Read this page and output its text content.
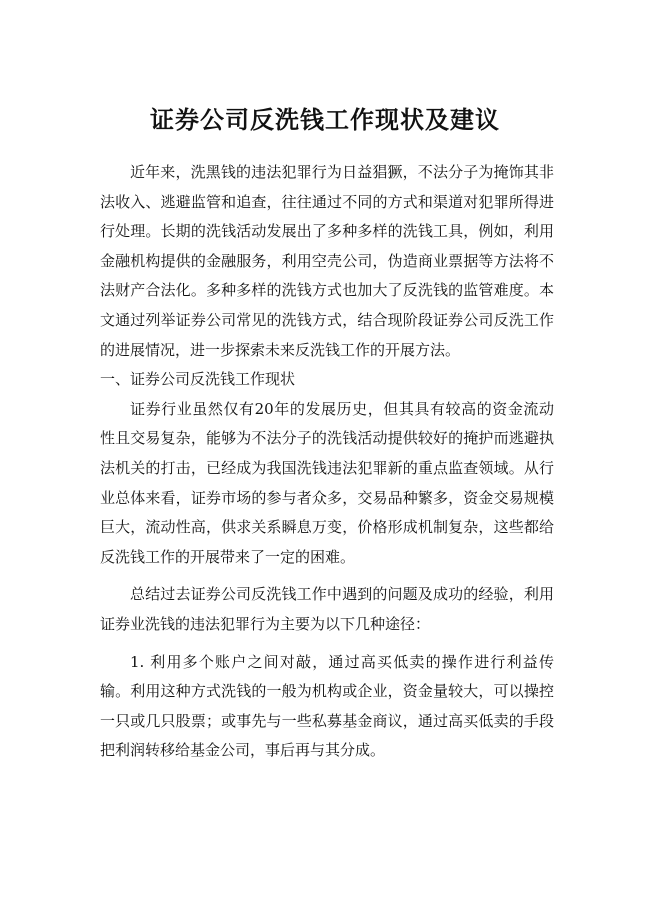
证券公司反洗钱工作现状及建议

近年来，洗黑钱的违法犯罪行为日益猖獗，不法分子为掩饰其非法收入、逃避监管和追查，往往通过不同的方式和渠道对犯罪所得进行处理。长期的洗钱活动发展出了多种多样的洗钱工具，例如，利用金融机构提供的金融服务，利用空壳公司，伪造商业票据等方法将不法财产合法化。多种多样的洗钱方式也加大了反洗钱的监管难度。本文通过列举证券公司常见的洗钱方式，结合现阶段证券公司反洗工作的进展情况，进一步探索未来反洗钱工作的开展方法。

一、证券公司反洗钱工作现状

证券行业虽然仅有20年的发展历史，但其具有较高的资金流动性且交易复杂，能够为不法分子的洗钱活动提供较好的掩护而逃避执法机关的打击，已经成为我国洗钱违法犯罪新的重点监查领域。从行业总体来看，证券市场的参与者众多，交易品种繁多，资金交易规模巨大，流动性高，供求关系瞬息万变，价格形成机制复杂，这些都给反洗钱工作的开展带来了一定的困难。

总结过去证券公司反洗钱工作中遇到的问题及成功的经验，利用证券业洗钱的违法犯罪行为主要为以下几种途径：

1. 利用多个账户之间对敲，通过高买低卖的操作进行利益传输。利用这种方式洗钱的一般为机构或企业，资金量较大，可以操控一只或几只股票；或事先与一些私募基金商议，通过高买低卖的手段把利润转移给基金公司，事后再与其分成。
